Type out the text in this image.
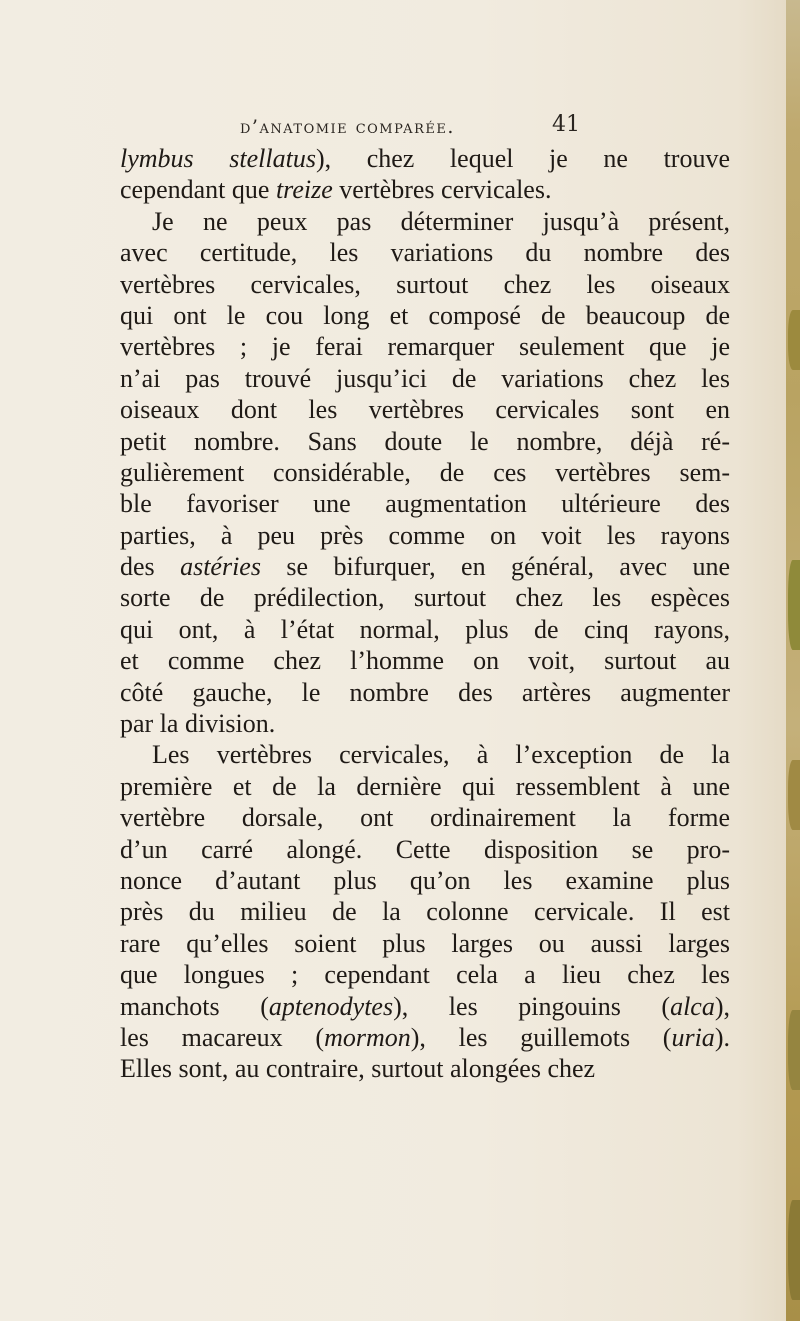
d’anatomie comparée.	41
lymbus stellatus), chez lequel je ne trouve
cependant que treize vertèbres cervicales.
Je ne peux pas déterminer jusqu’à présent,
avec certitude, les variations du nombre des
vertèbres cervicales, surtout chez les oiseaux
qui ont le cou long et composé de beaucoup de
vertèbres ; je ferai remarquer seulement que je
n’ai pas trouvé jusqu’ici de variations chez les
oiseaux dont les vertèbres cervicales sont en
petit nombre. Sans doute le nombre, déjà ré-
gulièrement considérable, de ces vertèbres sem-
ble favoriser une augmentation ultérieure des
parties, à peu près comme on voit les rayons
des astéries se bifurquer, en général, avec une
sorte de prédilection, surtout chez les espèces
qui ont, à l’état normal, plus de cinq rayons,
et comme chez l’homme on voit, surtout au
côté gauche, le nombre des artères augmenter
par la division.
Les vertèbres cervicales, à l’exception de la
première et de la dernière qui ressemblent à une
vertèbre dorsale, ont ordinairement la forme
d’un carré alongé. Cette disposition se pro-
nonce d’autant plus qu’on les examine plus
près du milieu de la colonne cervicale. Il est
rare qu’elles soient plus larges ou aussi larges
que longues ; cependant cela a lieu chez les
manchots (aptenodytes), les pingouins (alca),
les macareux (mormon), les guillemots (uria).
Elles sont, au contraire, surtout alongées chez
